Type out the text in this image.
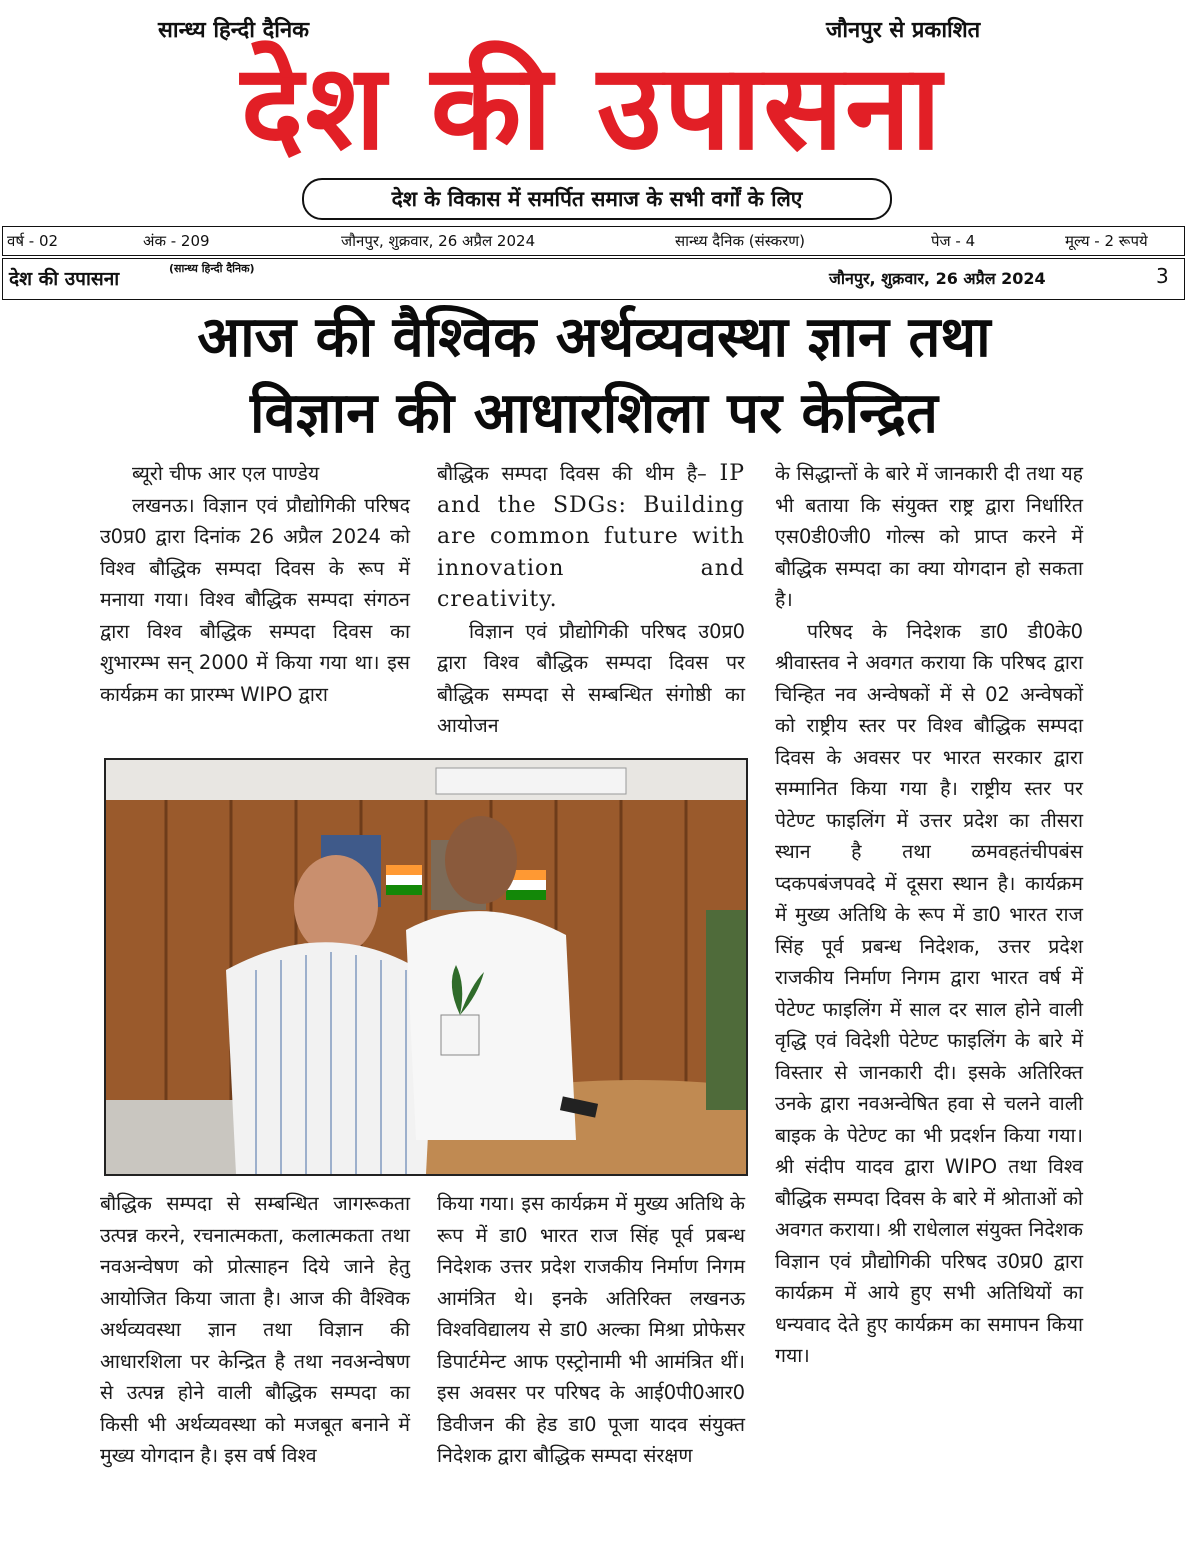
सान्ध्य हिन्दी दैनिक	जौनपुर से प्रकाशित
देश की उपासना
देश के विकास में समर्पित समाज के सभी वर्गों के लिए
वर्ष - 02	अंक - 209	जौनपुर, शुक्रवार, 26 अप्रैल 2024	सान्ध्य दैनिक (संस्करण)	पेज - 4	मूल्य - 2 रूपये
देश की उपासना	(सान्ध्य हिन्दी दैनिक)
जौनपुर, शुक्रवार, 26 अप्रैल 2024	3
आज की वैश्विक अर्थव्यवस्था ज्ञान तथा
विज्ञान की आधारशिला पर केन्द्रित

ब्यूरो चीफ आर एल पाण्डेय

लखनऊ। विज्ञान एवं प्रौद्योगिकी परिषद उ0प्र0 द्वारा दिनांक 26 अप्रैल 2024 को विश्व बौद्धिक सम्पदा दिवस के रूप में मनाया गया। विश्व बौद्धिक सम्पदा संगठन द्वारा विश्व बौद्धिक सम्पदा दिवस का शुभारम्भ सन् 2000 में किया गया था। इस कार्यक्रम का प्रारम्भ WIPO द्वारा

बौद्धिक सम्पदा दिवस की थीम है– IP and the SDGs: Building are common future with innovation and creativity.

विज्ञान एवं प्रौद्योगिकी परिषद उ0प्र0 द्वारा विश्व बौद्धिक सम्पदा दिवस पर बौद्धिक सम्पदा से सम्बन्धित संगोष्ठी का आयोजन

के सिद्धान्तों के बारे में जानकारी दी तथा यह भी बताया कि संयुक्त राष्ट्र द्वारा निर्धारित एस0डी0जी0 गोल्स को प्राप्त करने में बौद्धिक सम्पदा का क्या योगदान हो सकता है।

परिषद के निदेशक डा0 डी0के0 श्रीवास्तव ने अवगत कराया कि परिषद द्वारा चिन्हित नव अन्वेषकों में से 02 अन्वेषकों को राष्ट्रीय स्तर पर विश्व बौद्धिक सम्पदा दिवस के अवसर पर भारत सरकार द्वारा सम्मानित किया गया है। राष्ट्रीय स्तर पर पेटेण्ट फाइलिंग में उत्तर प्रदेश का तीसरा स्थान है तथा ळमवहतंचीपबंस प्दकपबंजपवदे में दूसरा स्थान है। कार्यक्रम में मुख्य अतिथि के रूप में डा0 भारत राज सिंह पूर्व प्रबन्ध निदेशक, उत्तर प्रदेश राजकीय निर्माण निगम द्वारा भारत वर्ष में पेटेण्ट फाइलिंग में साल दर साल होने वाली वृद्धि एवं विदेशी पेटेण्ट फाइलिंग के बारे में विस्तार से जानकारी दी। इसके अतिरिक्त उनके द्वारा नवअन्वेषित हवा से चलने वाली बाइक के पेटेण्ट का भी प्रदर्शन किया गया। श्री संदीप यादव द्वारा WIPO तथा विश्व बौद्धिक सम्पदा दिवस के बारे में श्रोताओं को अवगत कराया। श्री राधेलाल संयुक्त निदेशक विज्ञान एवं प्रौद्योगिकी परिषद उ0प्र0 द्वारा कार्यक्रम में आये हुए सभी अतिथियों का धन्यवाद देते हुए कार्यक्रम का समापन किया गया।

बौद्धिक सम्पदा से सम्बन्धित जागरूकता उत्पन्न करने, रचनात्मकता, कलात्मकता तथा नवअन्वेषण को प्रोत्साहन दिये जाने हेतु आयोजित किया जाता है। आज की वैश्विक अर्थव्यवस्था ज्ञान तथा विज्ञान की आधारशिला पर केन्द्रित है तथा नवअन्वेषण से उत्पन्न होने वाली बौद्धिक सम्पदा का किसी भी अर्थव्यवस्था को मजबूत बनाने में मुख्य योगदान है। इस वर्ष विश्व

किया गया। इस कार्यक्रम में मुख्य अतिथि के रूप में डा0 भारत राज सिंह पूर्व प्रबन्ध निदेशक उत्तर प्रदेश राजकीय निर्माण निगम आमंत्रित थे। इनके अतिरिक्त लखनऊ विश्वविद्यालय से डा0 अल्का मिश्रा प्रोफेसर डिपार्टमेन्ट आफ एस्ट्रोनामी भी आमंत्रित थीं। इस अवसर पर परिषद के आई0पी0आर0 डिवीजन की हेड डा0 पूजा यादव संयुक्त निदेशक द्वारा बौद्धिक सम्पदा संरक्षण
